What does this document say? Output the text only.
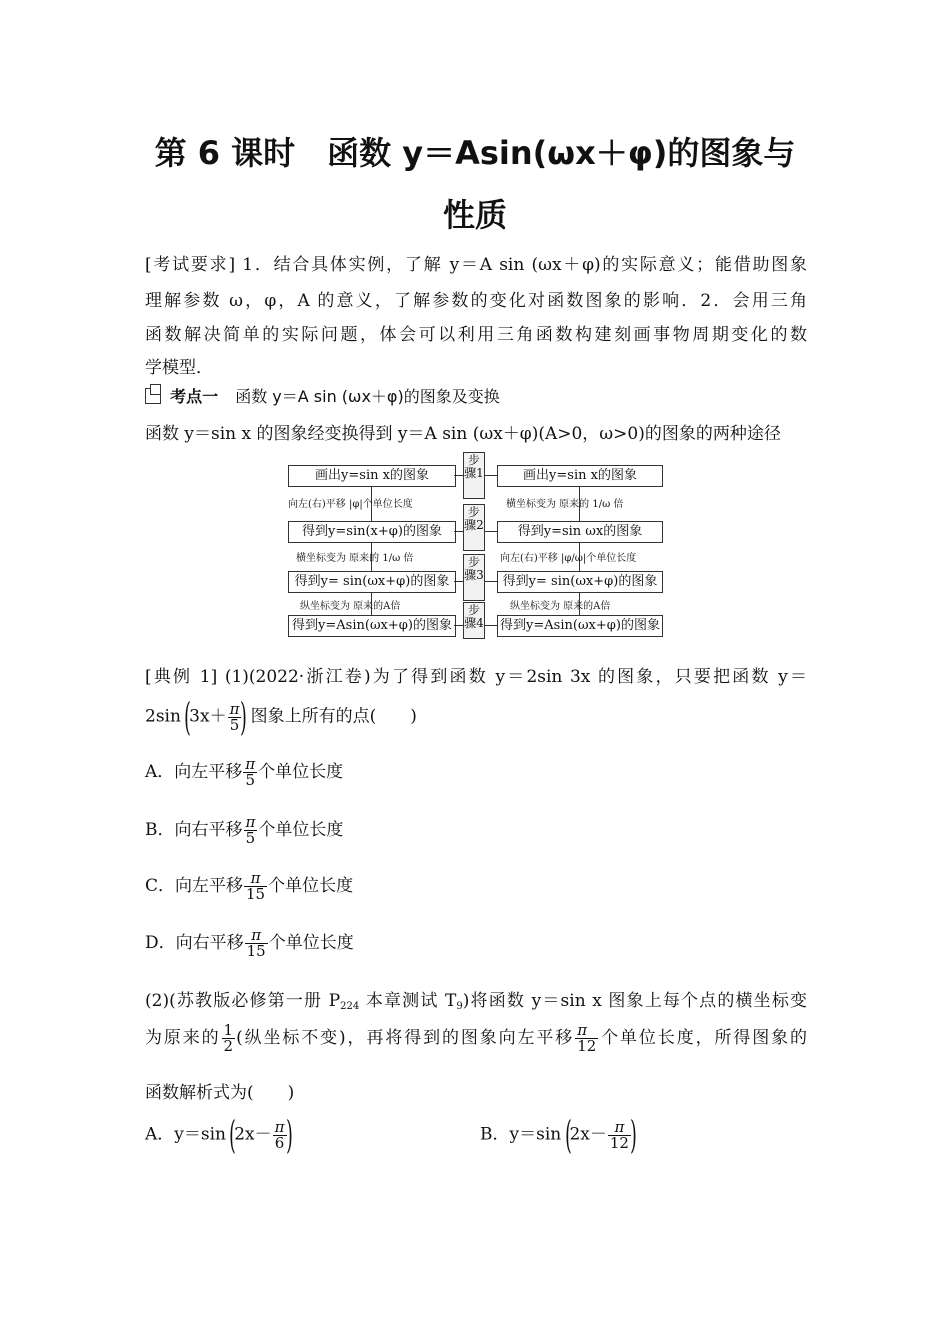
第 6 课时　函数 y＝Asin(ωx＋φ)的图象与
性质
[考试要求] 1．结合具体实例，了解 y＝A sin (ωx＋φ)的实际意义；能借助图象
理解参数 ω，φ，A 的意义，了解参数的变化对函数图象的影响．2．会用三角
函数解决简单的实际问题，体会可以利用三角函数构建刻画事物周期变化的数
学模型．
考点一 函数 y＝A sin (ωx＋φ)的图象及变换
函数 y＝sin x 的图象经变换得到 y＝A sin (ωx＋φ)(A>0，ω>0)的图象的两种途径
画出y=sin x的图象
得到y=sin(x+φ)的图象
得到y= sin(ωx+φ)的图象
得到y=Asin(ωx+φ)的图象
向左(右)平移 |φ|个单位长度
横坐标变为 原来的 1/ω 倍
纵坐标变为 原来的A倍
步骤1
步骤2
步骤3
步骤4
画出y=sin x的图象
得到y=sin ωx的图象
得到y= sin(ωx+φ)的图象
得到y=Asin(ωx+φ)的图象
横坐标变为 原来的 1/ω 倍
向左(右)平移 |φ/ω|个单位长度
纵坐标变为 原来的A倍
[典例 1] (1)(2022·浙江卷)为了得到函数 y＝2sin 3x 的图象，只要把函数 y＝
2sin ($3x+ \frac{\pi}{5}$ ) 图象上所有的点(　　)
A．向左平移 $\frac{\pi}{5}$ 个单位长度
B．向右平移 $\frac{\pi}{5}$ 个单位长度
C．向左平移 $\frac{\pi}{15}$ 个单位长度
D．向右平移 $\frac{\pi}{15}$ 个单位长度
(2)(苏教版必修第一册 $P_{224}$ 本章测试 $T_9$)将函数 y＝sin x 图象上每个点的横坐标变
为原来的 $\frac{1}{2}$ (纵坐标不变)，再将得到的图象向左平移 $\frac{\pi}{12}$ 个单位长度，所得图象的
函数解析式为(　　)
A．y＝sin ($2x- \frac{\pi}{6}$ )	B．y＝sin ($2x- \frac{\pi}{12}$ )
